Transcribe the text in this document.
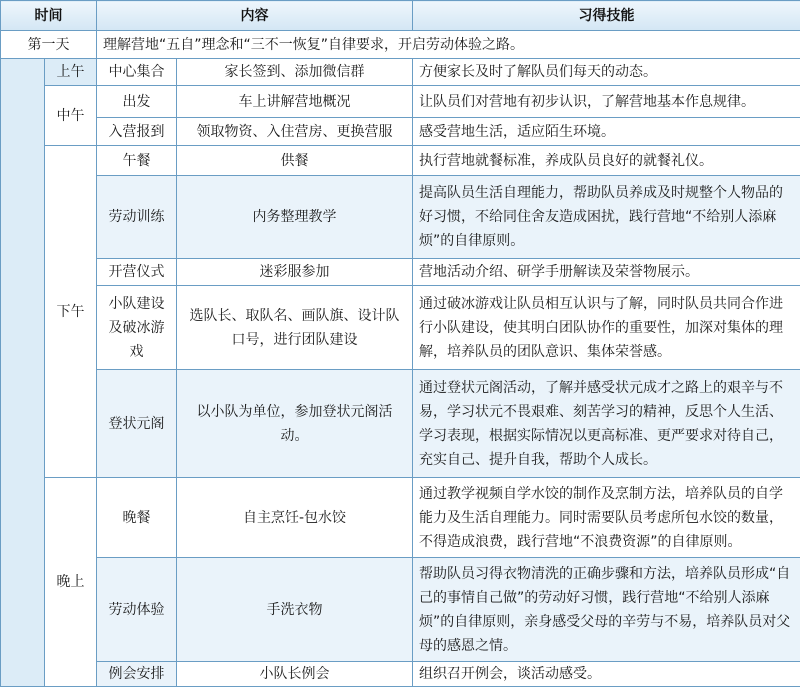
时间		内容		习得技能
第一天		理解营地“五自”理念和“三不一恢复”自律要求，开启劳动体验之路。		
	上午	中心集合	家长签到、添加微信群	方便家长及时了解队员们每天的动态。
	中午	出发	车上讲解营地概况	让队员们对营地有初步认识，了解营地基本作息规律。
		入营报到	领取物资、入住营房、更换营服	感受营地生活，适应陌生环境。
	下午	午餐	供餐	执行营地就餐标准，养成队员良好的就餐礼仪。
		劳动训练	内务整理教学	提高队员生活自理能力，帮助队员养成及时规整个人物品的好习惯，不给同住舍友造成困扰，践行营地“不给别人添麻烦”的自律原则。
		开营仪式	迷彩服参加	营地活动介绍、研学手册解读及荣誉物展示。
		小队建设及破冰游戏	选队长、取队名、画队旗、设计队口号，进行团队建设	通过破冰游戏让队员相互认识与了解，同时队员共同合作进行小队建设，使其明白团队协作的重要性，加深对集体的理解，培养队员的团队意识、集体荣誉感。
		登状元阁	以小队为单位，参加登状元阁活动。	通过登状元阁活动，了解并感受状元成才之路上的艰辛与不易，学习状元不畏艰难、刻苦学习的精神，反思个人生活、学习表现，根据实际情况以更高标准、更严要求对待自己，充实自己、提升自我，帮助个人成长。
	晚上	晚餐	自主烹饪-包水饺	通过教学视频自学水饺的制作及烹制方法，培养队员的自学能力及生活自理能力。同时需要队员考虑所包水饺的数量，不得造成浪费，践行营地“不浪费资源”的自律原则。
		劳动体验	手洗衣物	帮助队员习得衣物清洗的正确步骤和方法，培养队员形成“自己的事情自己做”的劳动好习惯，践行营地“不给别人添麻烦”的自律原则，亲身感受父母的辛劳与不易，培养队员对父母的感恩之情。
		例会安排	小队长例会	组织召开例会，谈活动感受。
